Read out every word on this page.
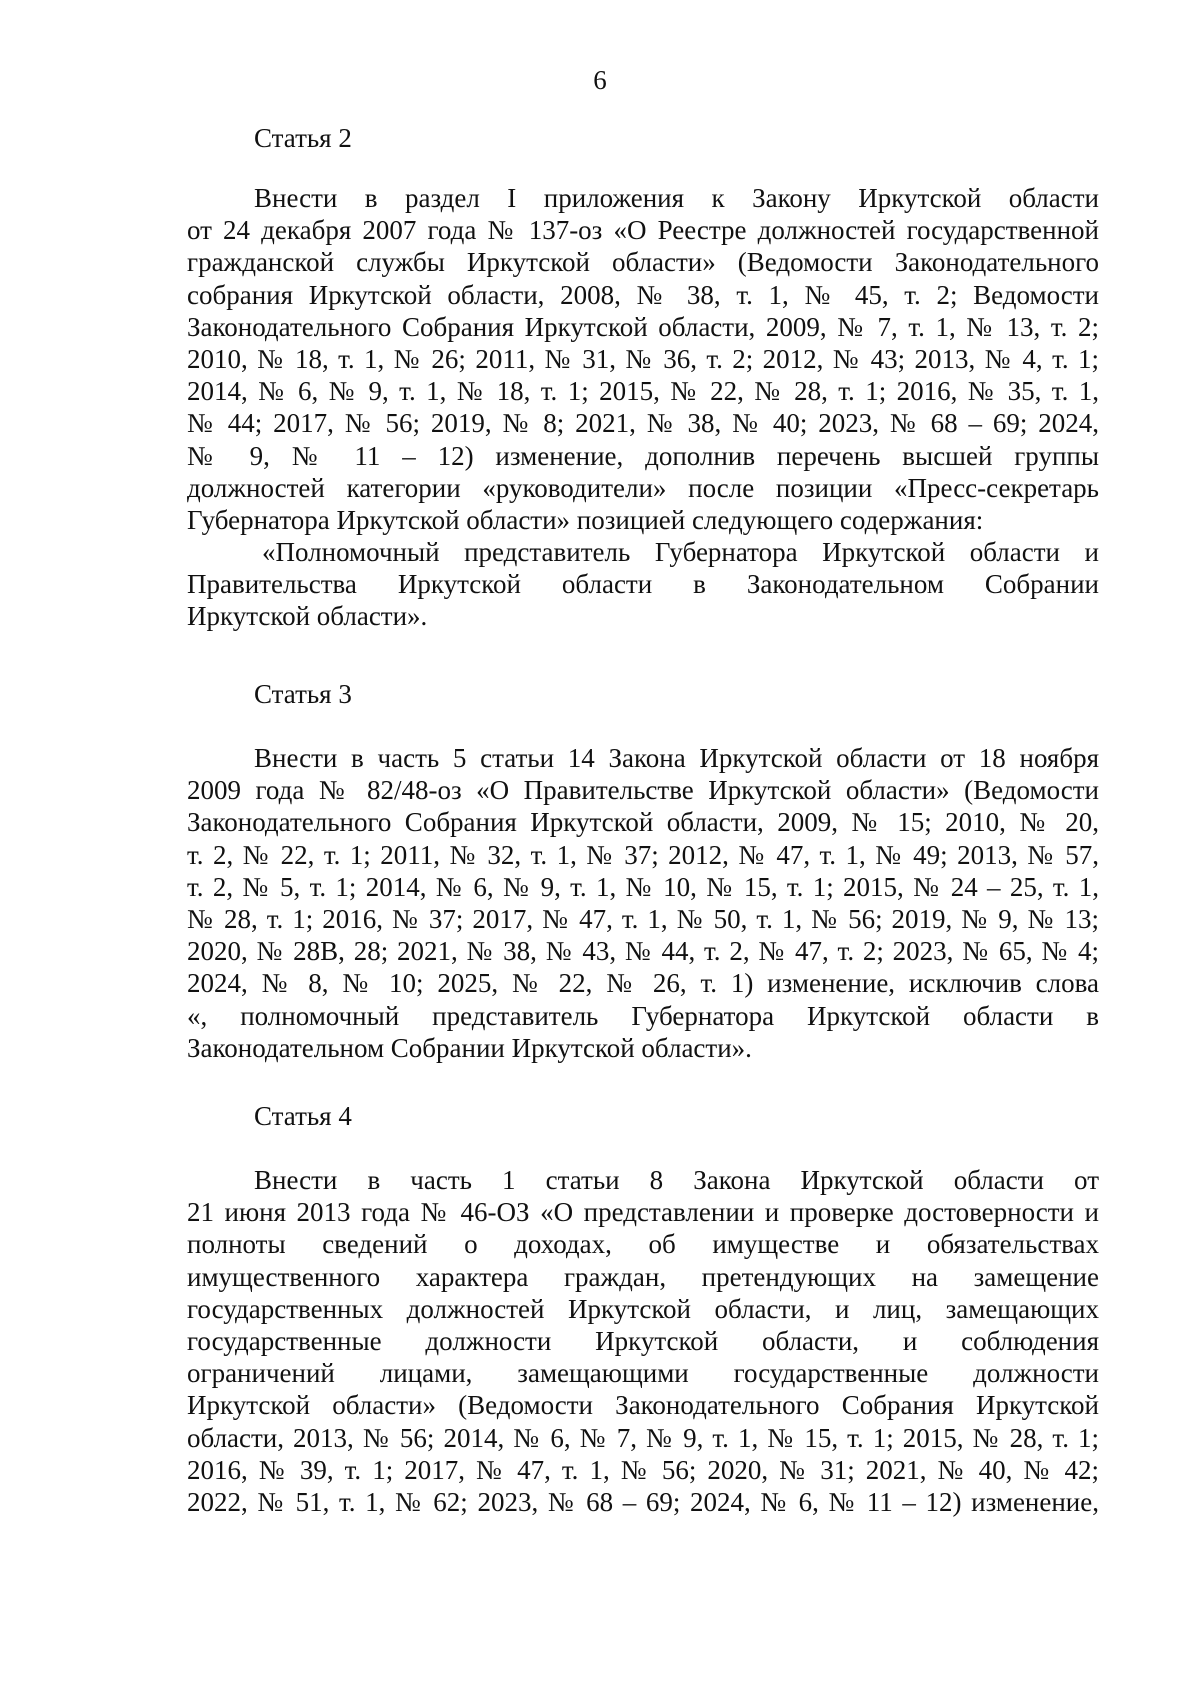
6
Статья 2
Внести в раздел I приложения к Закону Иркутской области
от 24 декабря 2007 года № 137-оз «О Реестре должностей государственной
гражданской службы Иркутской области» (Ведомости Законодательного
собрания Иркутской области, 2008, № 38, т. 1, № 45, т. 2; Ведомости
Законодательного Собрания Иркутской области, 2009, № 7, т. 1, № 13, т. 2;
2010, № 18, т. 1, № 26; 2011, № 31, № 36, т. 2; 2012, № 43; 2013, № 4, т. 1;
2014, № 6, № 9, т. 1, № 18, т. 1; 2015, № 22, № 28, т. 1; 2016, № 35, т. 1,
№ 44; 2017, № 56; 2019, № 8; 2021, № 38, № 40; 2023, № 68 – 69; 2024,
№ 9, № 11 – 12) изменение, дополнив перечень высшей группы
должностей категории «руководители» после позиции «Пресс-секретарь
Губернатора Иркутской области» позицией следующего содержания:
«Полномочный представитель Губернатора Иркутской области и
Правительства Иркутской области в Законодательном Собрании
Иркутской области».
Статья 3
Внести в часть 5 статьи 14 Закона Иркутской области от 18 ноября
2009 года № 82/48-оз «О Правительстве Иркутской области» (Ведомости
Законодательного Собрания Иркутской области, 2009, № 15; 2010, № 20,
т. 2, № 22, т. 1; 2011, № 32, т. 1, № 37; 2012, № 47, т. 1, № 49; 2013, № 57,
т. 2, № 5, т. 1; 2014, № 6, № 9, т. 1, № 10, № 15, т. 1; 2015, № 24 – 25, т. 1,
№ 28, т. 1; 2016, № 37; 2017, № 47, т. 1, № 50, т. 1, № 56; 2019, № 9, № 13;
2020, № 28В, 28; 2021, № 38, № 43, № 44, т. 2, № 47, т. 2; 2023, № 65, № 4;
2024, № 8, № 10; 2025, № 22, № 26, т. 1) изменение, исключив слова
«, полномочный представитель Губернатора Иркутской области в
Законодательном Собрании Иркутской области».
Статья 4
Внести в часть 1 статьи 8 Закона Иркутской области от
21 июня 2013 года № 46-ОЗ «О представлении и проверке достоверности и
полноты сведений о доходах, об имуществе и обязательствах
имущественного характера граждан, претендующих на замещение
государственных должностей Иркутской области, и лиц, замещающих
государственные должности Иркутской области, и соблюдения
ограничений лицами, замещающими государственные должности
Иркутской области» (Ведомости Законодательного Собрания Иркутской
области, 2013, № 56; 2014, № 6, № 7, № 9, т. 1, № 15, т. 1; 2015, № 28, т. 1;
2016, № 39, т. 1; 2017, № 47, т. 1, № 56; 2020, № 31; 2021, № 40, № 42;
2022, № 51, т. 1, № 62; 2023, № 68 – 69; 2024, № 6, № 11 – 12) изменение,
